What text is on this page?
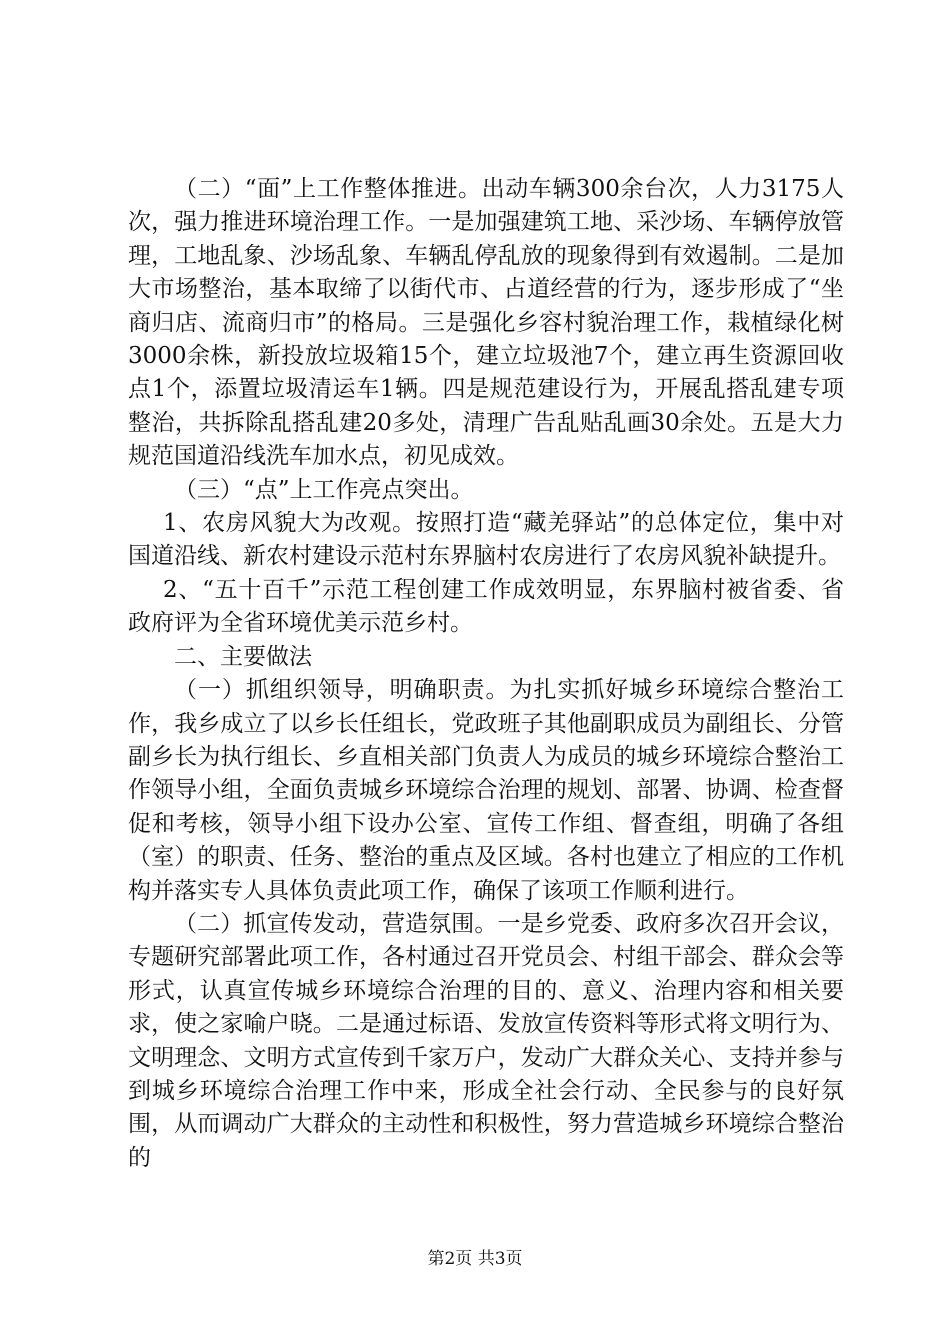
（二）“面”上工作整体推进。出动车辆300余台次，人力3175人次，强力推进环境治理工作。一是加强建筑工地、采沙场、车辆停放管理，工地乱象、沙场乱象、车辆乱停乱放的现象得到有效遏制。二是加大市场整治，基本取缔了以街代市、占道经营的行为，逐步形成了“坐商归店、流商归市”的格局。三是强化乡容村貌治理工作，栽植绿化树3000余株，新投放垃圾箱15个，建立垃圾池7个，建立再生资源回收点1个，添置垃圾清运车1辆。四是规范建设行为，开展乱搭乱建专项整治，共拆除乱搭乱建20多处，清理广告乱贴乱画30余处。五是大力规范国道沿线洗车加水点，初见成效。

（三）“点”上工作亮点突出。

1、农房风貌大为改观。按照打造“藏羌驿站”的总体定位，集中对国道沿线、新农村建设示范村东界脑村农房进行了农房风貌补缺提升。

2、“五十百千”示范工程创建工作成效明显，东界脑村被省委、省政府评为全省环境优美示范乡村。

二、主要做法

（一）抓组织领导，明确职责。为扎实抓好城乡环境综合整治工作，我乡成立了以乡长任组长，党政班子其他副职成员为副组长、分管副乡长为执行组长、乡直相关部门负责人为成员的城乡环境综合整治工作领导小组，全面负责城乡环境综合治理的规划、部署、协调、检查督促和考核，领导小组下设办公室、宣传工作组、督查组，明确了各组（室）的职责、任务、整治的重点及区域。各村也建立了相应的工作机构并落实专人具体负责此项工作，确保了该项工作顺利进行。

（二）抓宣传发动，营造氛围。一是乡党委、政府多次召开会议，专题研究部署此项工作，各村通过召开党员会、村组干部会、群众会等形式，认真宣传城乡环境综合治理的目的、意义、治理内容和相关要求，使之家喻户晓。二是通过标语、发放宣传资料等形式将文明行为、文明理念、文明方式宣传到千家万户，发动广大群众关心、支持并参与到城乡环境综合治理工作中来，形成全社会行动、全民参与的良好氛围，从而调动广大群众的主动性和积极性，努力营造城乡环境综合整治的

第2页 共3页
